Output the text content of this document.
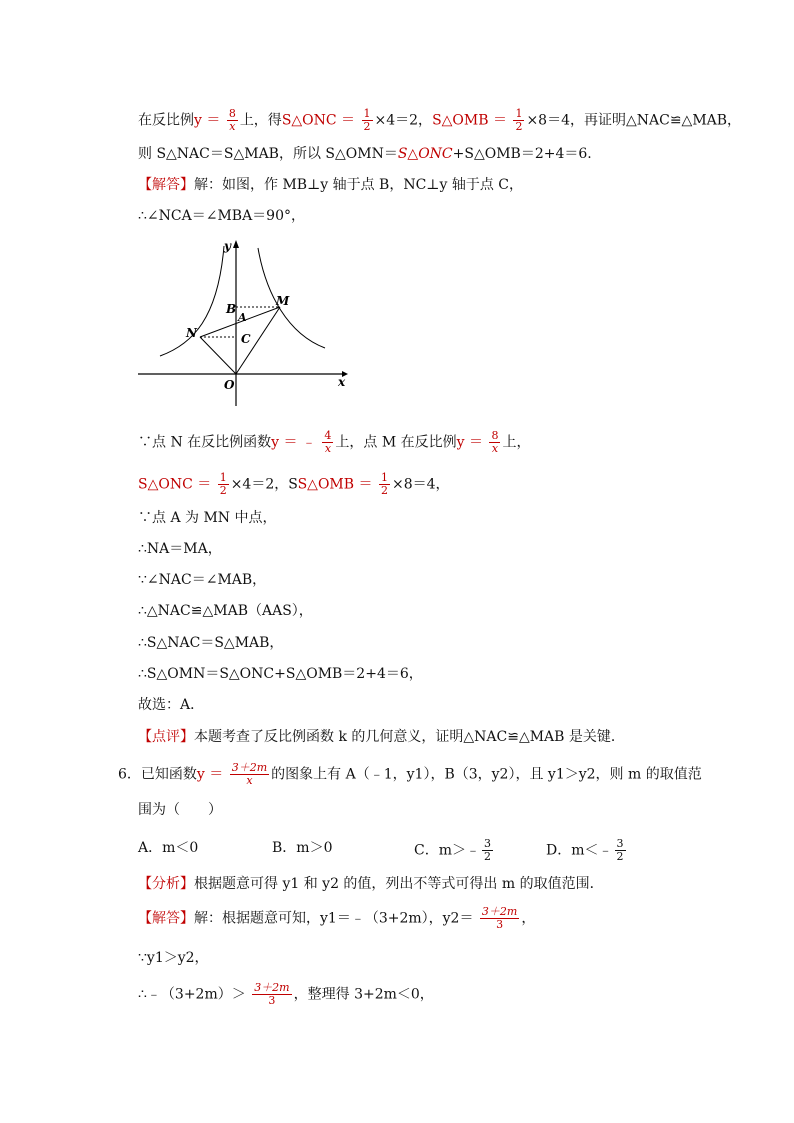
在反比例$y = \frac{8}{x}$ 上，得S△ONC ＝ $\frac{1}{2} \times 4=2$，S△OMB ＝ $\frac{1}{2} \times 8=4$，再证明△NAC≌△MAB，
则 S△NAC＝S△MAB，所以 S△OMN＝S△ONC+S△OMB＝2+4＝6.
【解答】解：如图，作 MB⊥y 轴于点 B，NC⊥y 轴于点 C，
∴∠NCA＝∠MBA＝90°，
y
x
O
B
A
C
N
M
∵点 N 在反比例函数y ＝ ﹣ $\frac{4}{x}$ 上，点 M 在反比例$y = \frac{8}{x}$ 上，
S△ONC ＝ $\frac{1}{2} \times 4=2$，SS△OMB ＝ $\frac{1}{2} \times 8=4$，
∵点 A 为 MN 中点，
∴NA＝MA，
∵∠NAC＝∠MAB，
∴△NAC≌△MAB（AAS），
∴S△NAC＝S△MAB，
∴S△OMN＝S△ONC+S△OMB＝2+4＝6，
故选：A．
【点评】本题考查了反比例函数 k 的几何意义，证明△NAC≌△MAB 是关键．
6．已知函数$y = \frac{3+2m}{x}$ 的图象上有 A（﹣1，y1），B（3，y2），且 y1＞y2，则 m 的取值范
围为（　　）
A．m＜0	B．m＞0	C．m＞﹣ $\frac{3}{2}$	D．m＜﹣ $\frac{3}{2}$
【分析】根据题意可得 y1 和 y2 的值，列出不等式可得出 m 的取值范围．
【解答】解：根据题意可知，y1＝﹣（3+2m），$y2= \frac{3+2m}{3}$ ，
∵y1＞y2，
∴﹣（3+2m）＞ $\frac{3+2m}{3}$ ，整理得 3+2m＜0，
